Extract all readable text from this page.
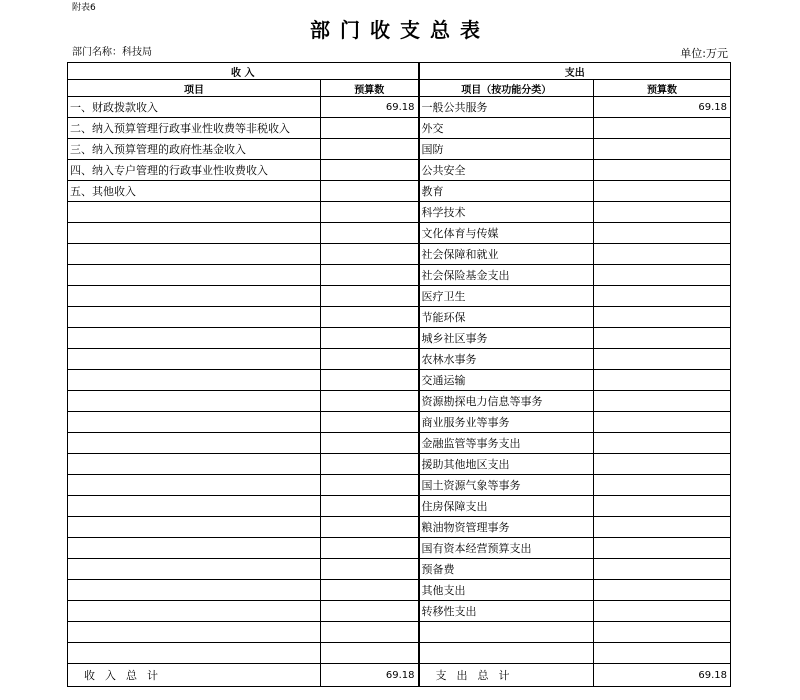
附表6
部门收支总表
部门名称：科技局	单位:万元
收 入		支出	
项目	预算数	项目（按功能分类）	预算数
一、财政拨款收入	69.18	一般公共服务	69.18
二、纳入预算管理行政事业性收费等非税收入		外交	
三、纳入预算管理的政府性基金收入		国防	
四、纳入专户管理的行政事业性收费收入		公共安全	
五、其他收入		教育	
		科学技术	
		文化体育与传媒	
		社会保障和就业	
		社会保险基金支出	
		医疗卫生	
		节能环保	
		城乡社区事务	
		农林水事务	
		交通运输	
		资源勘探电力信息等事务	
		商业服务业等事务	
		金融监管等事务支出	
		援助其他地区支出	
		国土资源气象等事务	
		住房保障支出	
		粮油物资管理事务	
		国有资本经营预算支出	
		预备费	
		其他支出	
		转移性支出	

收入总计	69.18	支出总计	69.18
